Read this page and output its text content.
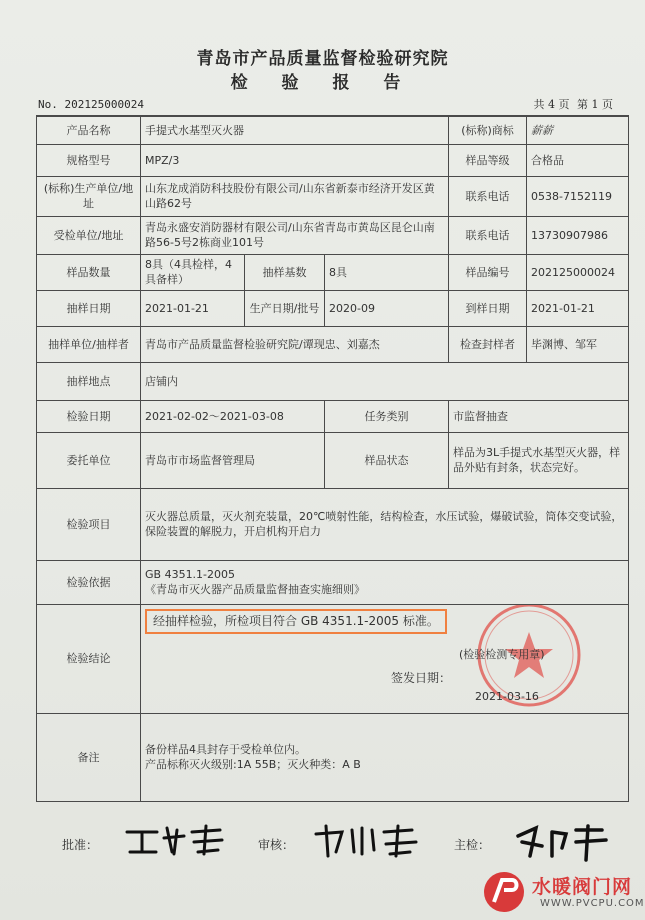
青岛市产品质量监督检验研究院
检 验 报 告
No. 202125000024	共 4 页 第 1 页
产品名称	手提式水基型灭火器			(标称)商标	薪薪
规格型号	MPZ/3			样品等级	合格品
(标称)生产单位/地址	山东龙成消防科技股份有限公司/山东省新泰市经济开发区黄山路62号			联系电话	0538-7152119
受检单位/地址	青岛永盛安消防器材有限公司/山东省青岛市黄岛区昆仑山南路56-5号2栋商业101号			联系电话	13730907986
样品数量	8具（4具检样，4具备样）	抽样基数	8具	样品编号	202125000024
抽样日期	2021-01-21	生产日期/批号	2020-09	到样日期	2021-01-21
抽样单位/抽样者	青岛市产品质量监督检验研究院/谭现忠、刘嘉杰			检查封样者	毕渊博、邹军
抽样地点	店铺内				
检验日期	2021-02-02～2021-03-08		任务类别	市监督抽查	
委托单位	青岛市市场监督管理局		样品状态	样品为3L手提式水基型灭火器，样品外贴有封条，状态完好。	
检验项目	灭火器总质量，灭火剂充装量，20℃喷射性能，结构检查，水压试验，爆破试验，筒体交变试验，保险装置的解脱力，开启机构开启力				
检验依据	GB 4351.1-2005
《青岛市灭火器产品质量监督抽查实施细则》				

检验结论	经抽样检验，所检项目符合 GB 4351.1-2005 标准。
(检验检测专用章)
签发日期：
2021-03-16				

备注	备份样品4具封存于受检单位内。
产品标称灭火级别:1A 55B；灭火种类：A B				
批准：	审核：	主检：
水暖阀门网
WWW.PVCPU.COM
